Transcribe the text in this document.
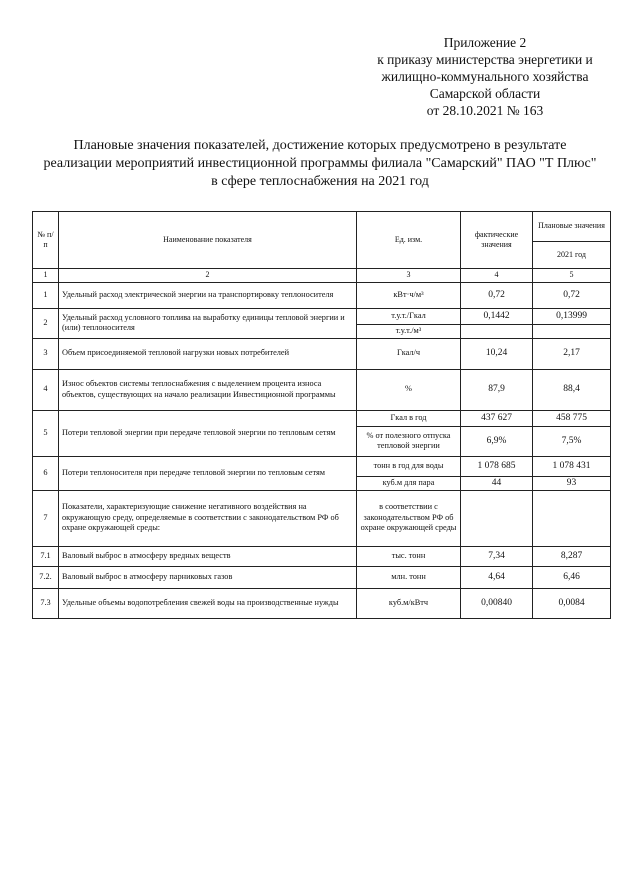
Приложение 2
к приказу министерства энергетики и
жилищно-коммунального хозяйства
Самарской области
от 28.10.2021 № 163
Плановые значения показателей, достижение которых предусмотрено в результате
реализации мероприятий инвестиционной программы филиала "Самарский" ПАО "Т Плюс"
в сфере теплоснабжения на 2021 год
№ п/п	Наименование показателя	Ед. изм.	фактические значения	Плановые значения
				2021 год
1	2	3	4	5
1	Удельный расход электрической энергии на транспортировку теплоносителя	кВт·ч/м³	0,72	0,72
2	Удельный расход условного топлива на выработку единицы тепловой энергии и (или) теплоносителя	т.у.т./Гкал	0,1442	0,13999
		т.у.т./м³		
3	Объем присоединяемой тепловой нагрузки новых потребителей	Гкал/ч	10,24	2,17
4	Износ объектов системы теплоснабжения с выделением процента износа объектов, существующих на начало реализации Инвестиционной программы	%	87,9	88,4
5	Потери тепловой энергии при передаче тепловой энергии по тепловым сетям	Гкал в год	437 627	458 775
		% от полезного отпуска тепловой энергии	6,9%	7,5%
6	Потери теплоносителя при передаче тепловой энергии по тепловым сетям	тонн в год для воды	1 078 685	1 078 431
		куб.м для пара	44	93
7	Показатели, характеризующие снижение негативного воздействия на окружающую среду, определяемые в соответствии с законодательством РФ об охране окружающей среды:	в соответствии с законодательством РФ об охране окружающей среды		
7.1	Валовый выброс в атмосферу вредных веществ	тыс. тонн	7,34	8,287
7.2.	Валовый выброс в атмосферу парниковых газов	млн. тонн	4,64	6,46
7.3	Удельные объемы водопотребления свежей воды на производственные нужды	куб.м/кВтч	0,00840	0,0084
